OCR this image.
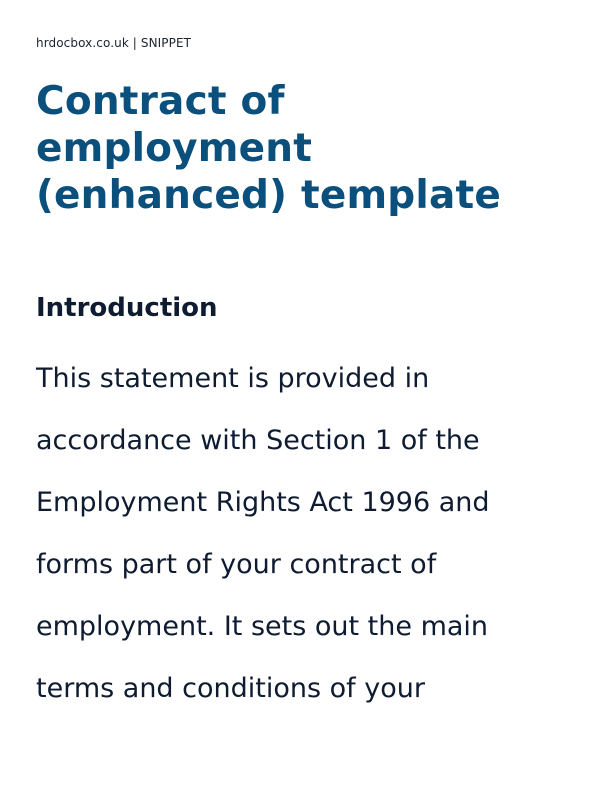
hrdocbox.co.uk | SNIPPET
Contract of
employment
(enhanced) template
Introduction

This statement is provided in
accordance with Section 1 of the
Employment Rights Act 1996 and
forms part of your contract of
employment. It sets out the main
terms and conditions of your
